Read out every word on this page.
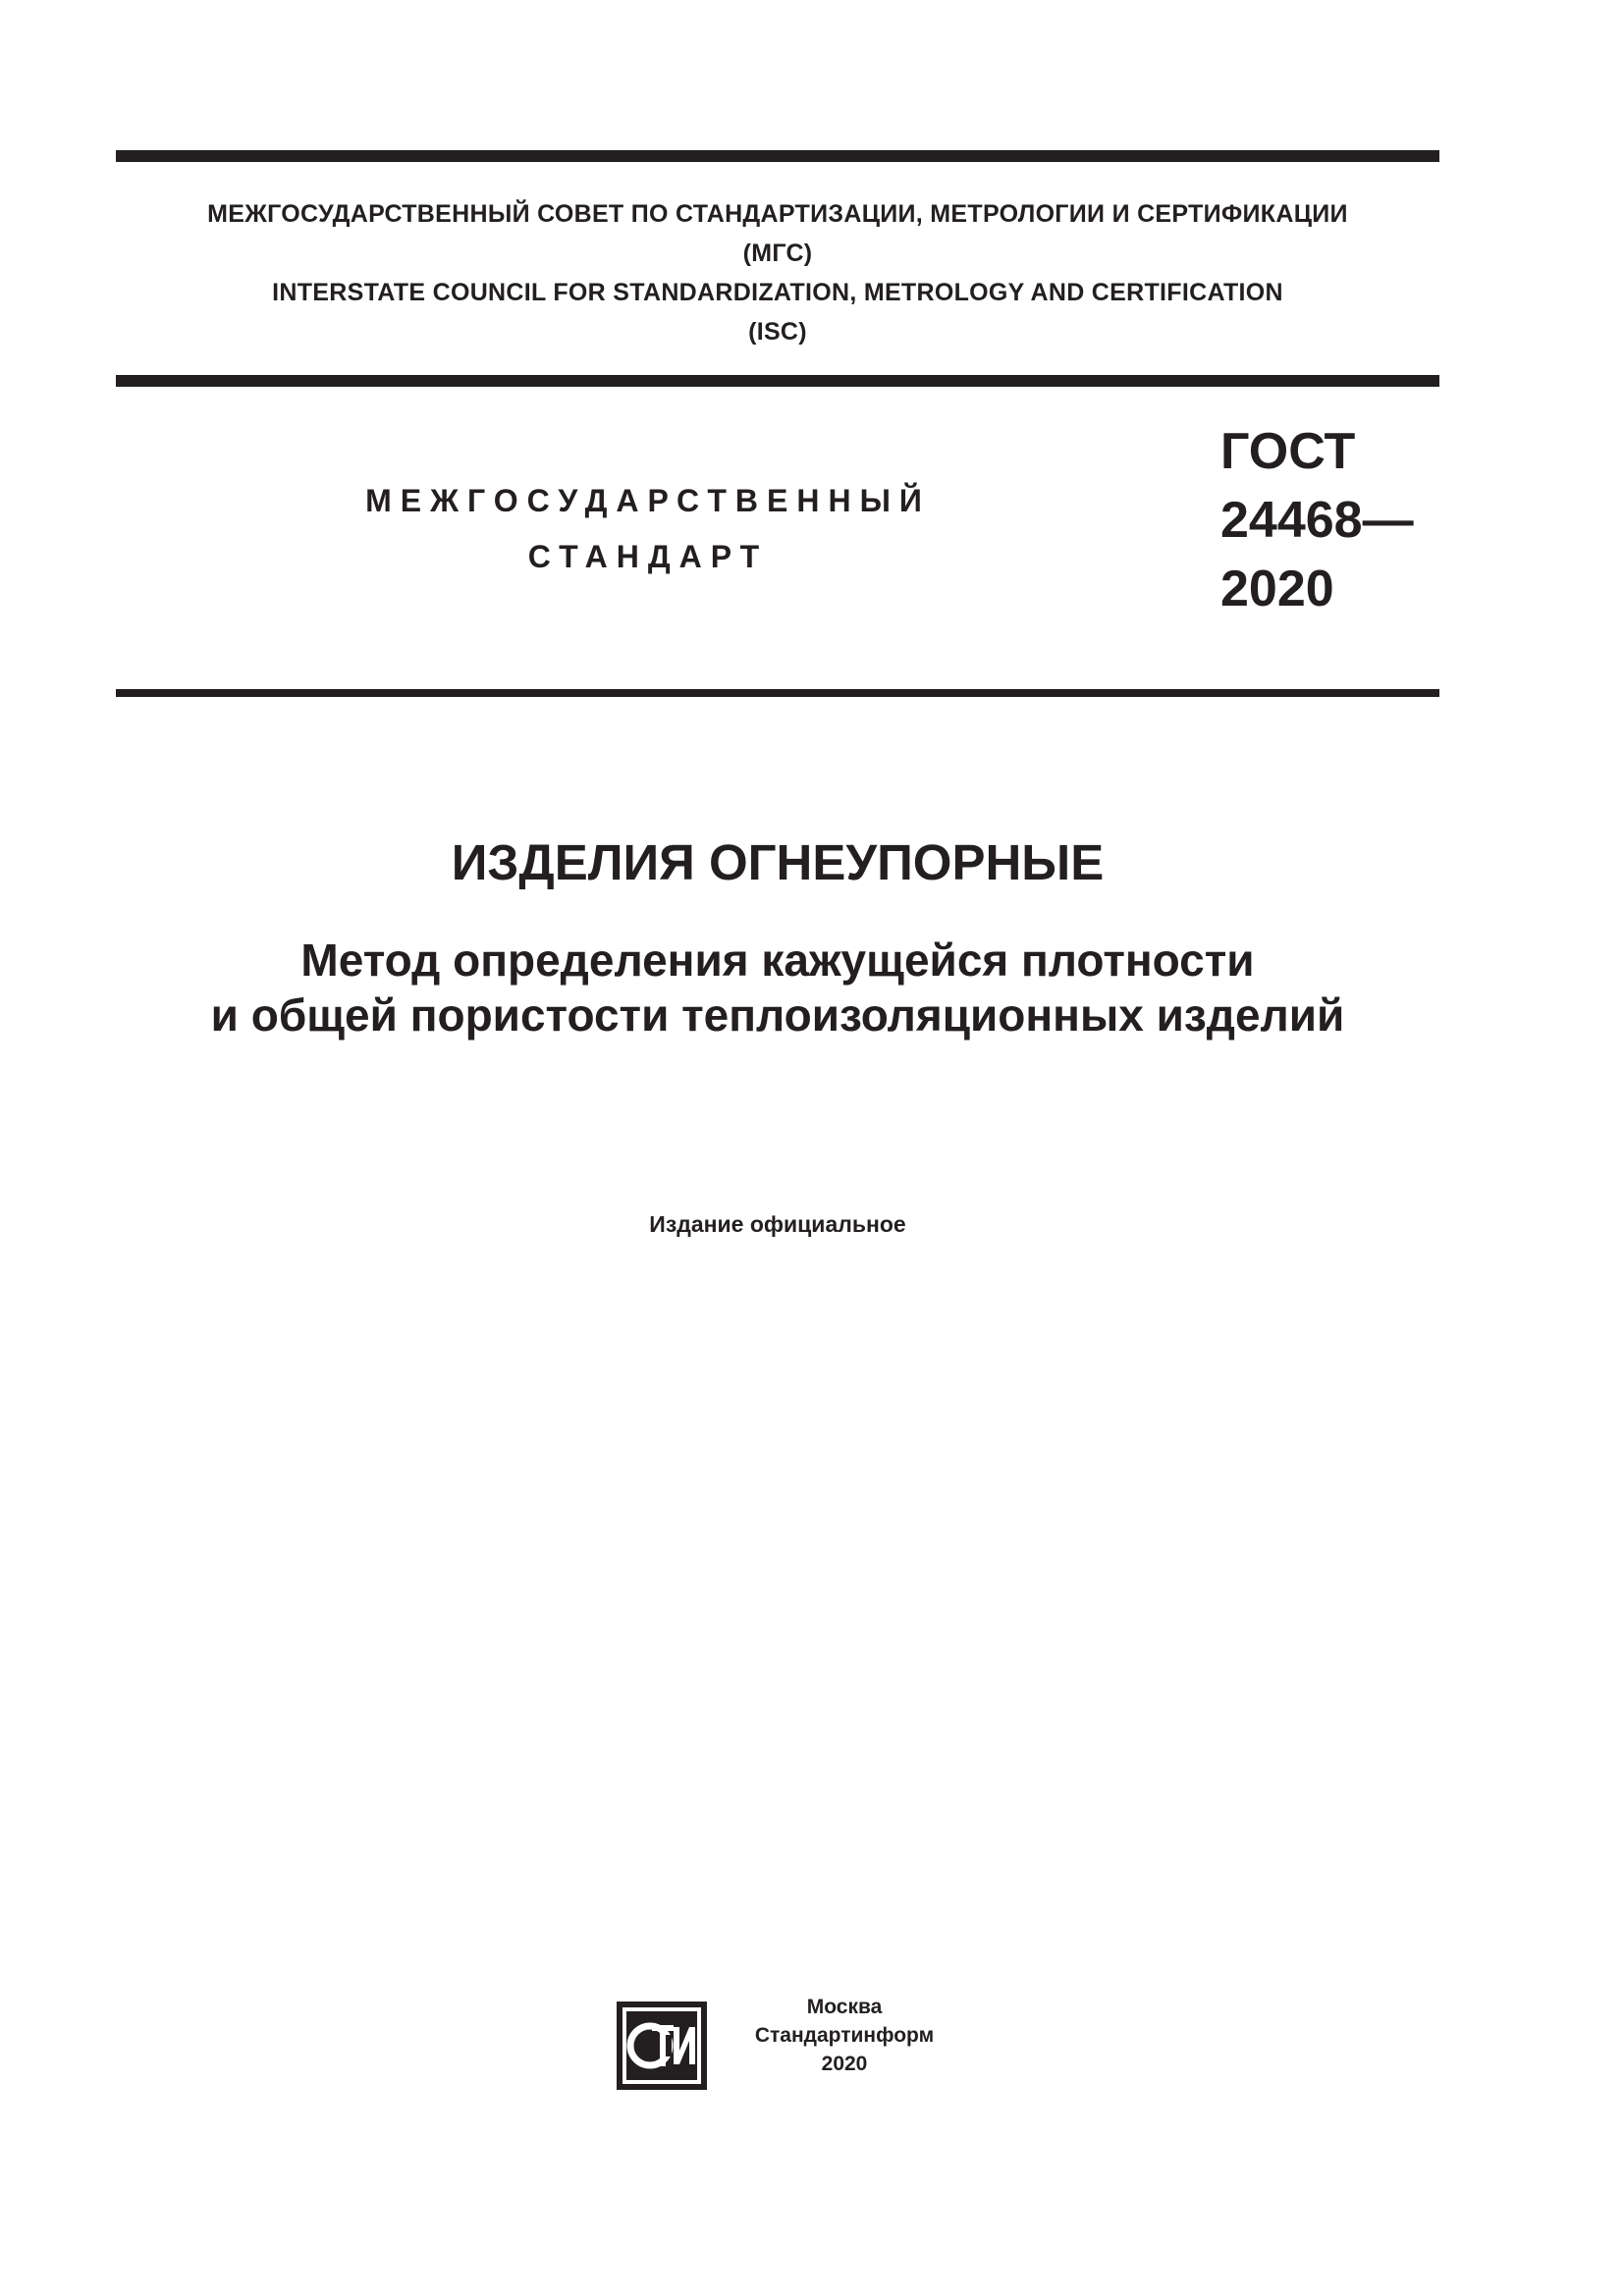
МЕЖГОСУДАРСТВЕННЫЙ СОВЕТ ПО СТАНДАРТИЗАЦИИ, МЕТРОЛОГИИ И СЕРТИФИКАЦИИ
(МГС)
INTERSTATE COUNCIL FOR STANDARDIZATION, METROLOGY AND CERTIFICATION
(ISC)
МЕЖГОСУДАРСТВЕННЫЙ
СТАНДАРТ
ГОСТ
24468—
2020
ИЗДЕЛИЯ ОГНЕУПОРНЫЕ
Метод определения кажущейся плотности
и общей пористости теплоизоляционных изделий
Издание официальное
Москва
Стандартинформ
2020
